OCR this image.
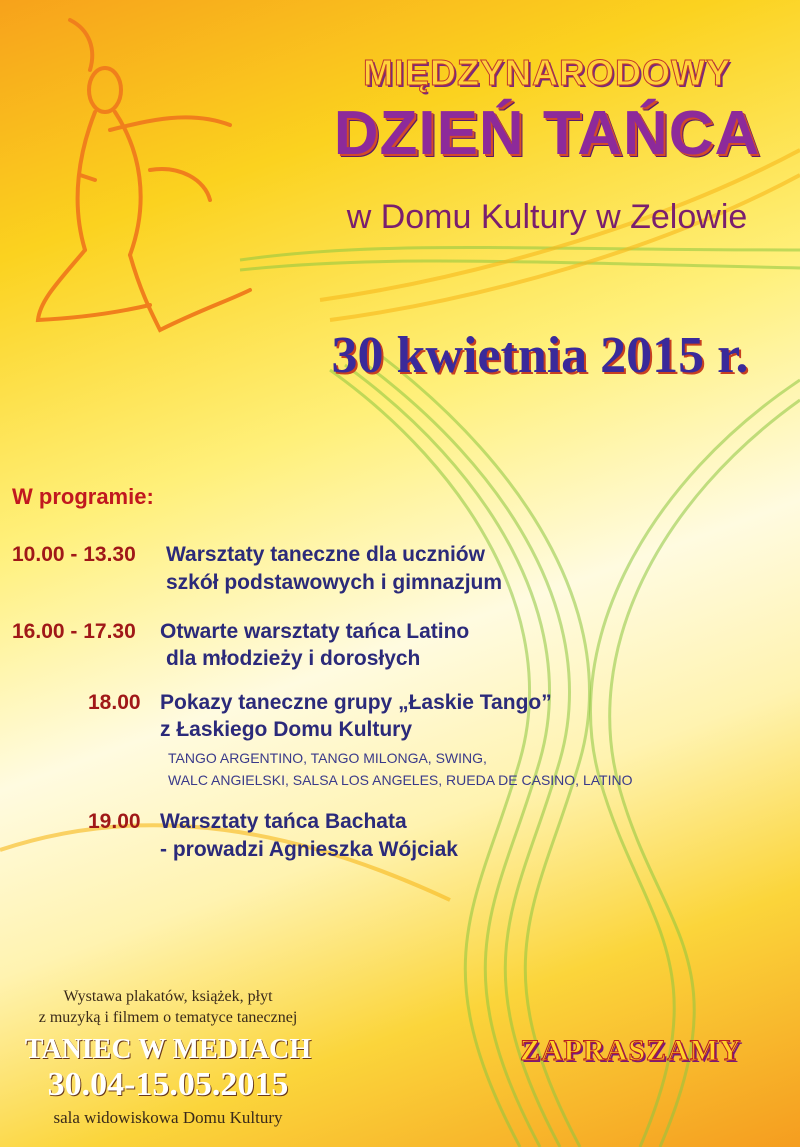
MIĘDZYNARODOWY
DZIEŃ TAŃCA
w Domu Kultury w Zelowie
30 kwietnia 2015 r.
W programie:
10.00 - 13.30 Warsztaty taneczne dla uczniów
szkół podstawowych i gimnazjum
16.00 - 17.30 Otwarte warsztaty tańca Latino
dla młodzieży i dorosłych
18.00 Pokazy taneczne grupy „Łaskie Tango”
z Łaskiego Domu Kultury
TANGO ARGENTINO, TANGO MILONGA, SWING,
WALC ANGIELSKI, SALSA LOS ANGELES, RUEDA DE CASINO, LATINO
19.00 Warsztaty tańca Bachata
- prowadzi Agnieszka Wójciak
Wystawa plakatów, książek, płyt
z muzyką i filmem o tematyce tanecznej
TANIEC W MEDIACH
30.04-15.05.2015
sala widowiskowa Domu Kultury
ZAPRASZAMY
